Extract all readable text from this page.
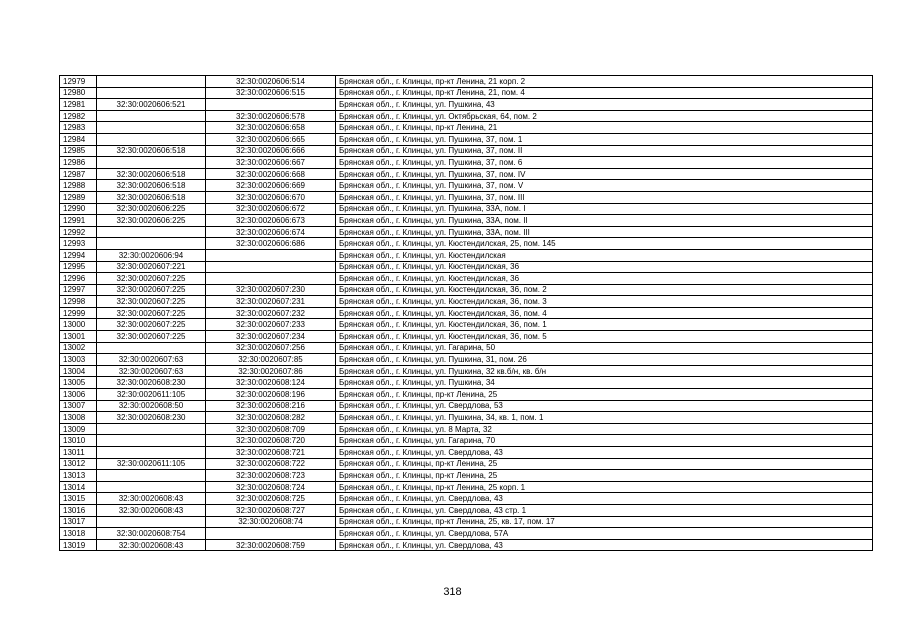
12979		32:30:0020606:514	Брянская обл., г. Клинцы, пр-кт Ленина, 21 корп. 2
12980		32:30:0020606:515	Брянская обл., г. Клинцы, пр-кт Ленина, 21, пом. 4
12981	32:30:0020606:521		Брянская обл., г. Клинцы, ул. Пушкина, 43
12982		32:30:0020606:578	Брянская обл., г. Клинцы, ул. Октябрьская, 64, пом. 2
12983		32:30:0020606:658	Брянская обл., г. Клинцы, пр-кт Ленина, 21
12984		32:30:0020606:665	Брянская обл., г. Клинцы, ул. Пушкина, 37, пом. 1
12985	32:30:0020606:518	32:30:0020606:666	Брянская обл., г. Клинцы, ул. Пушкина, 37, пом. II
12986		32:30:0020606:667	Брянская обл., г. Клинцы, ул. Пушкина, 37, пом. 6
12987	32:30:0020606:518	32:30:0020606:668	Брянская обл., г. Клинцы, ул. Пушкина, 37, пом. IV
12988	32:30:0020606:518	32:30:0020606:669	Брянская обл., г. Клинцы, ул. Пушкина, 37, пом. V
12989	32:30:0020606:518	32:30:0020606:670	Брянская обл., г. Клинцы, ул. Пушкина, 37, пом. III
12990	32:30:0020606:225	32:30:0020606:672	Брянская обл., г. Клинцы, ул. Пушкина, 33А, пом. I
12991	32:30:0020606:225	32:30:0020606:673	Брянская обл., г. Клинцы, ул. Пушкина, 33А, пом. II
12992		32:30:0020606:674	Брянская обл., г. Клинцы, ул. Пушкина, 33А, пом. III
12993		32:30:0020606:686	Брянская обл., г. Клинцы, ул. Кюстендилская, 25, пом. 145
12994	32:30:0020606:94		Брянская обл., г. Клинцы, ул. Кюстендилская
12995	32:30:0020607:221		Брянская обл., г. Клинцы, ул. Кюстендилская, 36
12996	32:30:0020607:225		Брянская обл., г. Клинцы, ул. Кюстендилская, 36
12997	32:30:0020607:225	32:30:0020607:230	Брянская обл., г. Клинцы, ул. Кюстендилская, 36, пом. 2
12998	32:30:0020607:225	32:30:0020607:231	Брянская обл., г. Клинцы, ул. Кюстендилская, 36, пом. 3
12999	32:30:0020607:225	32:30:0020607:232	Брянская обл., г. Клинцы, ул. Кюстендилская, 36, пом. 4
13000	32:30:0020607:225	32:30:0020607:233	Брянская обл., г. Клинцы, ул. Кюстендилская, 36, пом. 1
13001	32:30:0020607:225	32:30:0020607:234	Брянская обл., г. Клинцы, ул. Кюстендилская, 36, пом. 5
13002		32:30:0020607:256	Брянская обл., г. Клинцы, ул. Гагарина, 50
13003	32:30:0020607:63	32:30:0020607:85	Брянская обл., г. Клинцы, ул. Пушкина, 31, пом. 26
13004	32:30:0020607:63	32:30:0020607:86	Брянская обл., г. Клинцы, ул. Пушкина, 32 кв.б/н, кв. б/н
13005	32:30:0020608:230	32:30:0020608:124	Брянская обл., г. Клинцы, ул. Пушкина, 34
13006	32:30:0020611:105	32:30:0020608:196	Брянская обл., г. Клинцы, пр-кт Ленина, 25
13007	32:30:0020608:50	32:30:0020608:216	Брянская обл., г. Клинцы, ул. Свердлова, 53
13008	32:30:0020608:230	32:30:0020608:282	Брянская обл., г. Клинцы, ул. Пушкина, 34, кв. 1, пом. 1
13009		32:30:0020608:709	Брянская обл., г. Клинцы, ул. 8 Марта, 32
13010		32:30:0020608:720	Брянская обл., г. Клинцы, ул. Гагарина, 70
13011		32:30:0020608:721	Брянская обл., г. Клинцы, ул. Свердлова, 43
13012	32:30:0020611:105	32:30:0020608:722	Брянская обл., г. Клинцы, пр-кт Ленина, 25
13013		32:30:0020608:723	Брянская обл., г. Клинцы, пр-кт Ленина, 25
13014		32:30:0020608:724	Брянская обл., г. Клинцы, пр-кт Ленина, 25 корп. 1
13015	32:30:0020608:43	32:30:0020608:725	Брянская обл., г. Клинцы, ул. Свердлова, 43
13016	32:30:0020608:43	32:30:0020608:727	Брянская обл., г. Клинцы, ул. Свердлова, 43 стр. 1
13017		32:30:0020608:74	Брянская обл., г. Клинцы, пр-кт Ленина, 25, кв. 17, пом. 17
13018	32:30:0020608:754		Брянская обл., г. Клинцы, ул. Свердлова, 57А
13019	32:30:0020608:43	32:30:0020608:759	Брянская обл., г. Клинцы, ул. Свердлова, 43
318
